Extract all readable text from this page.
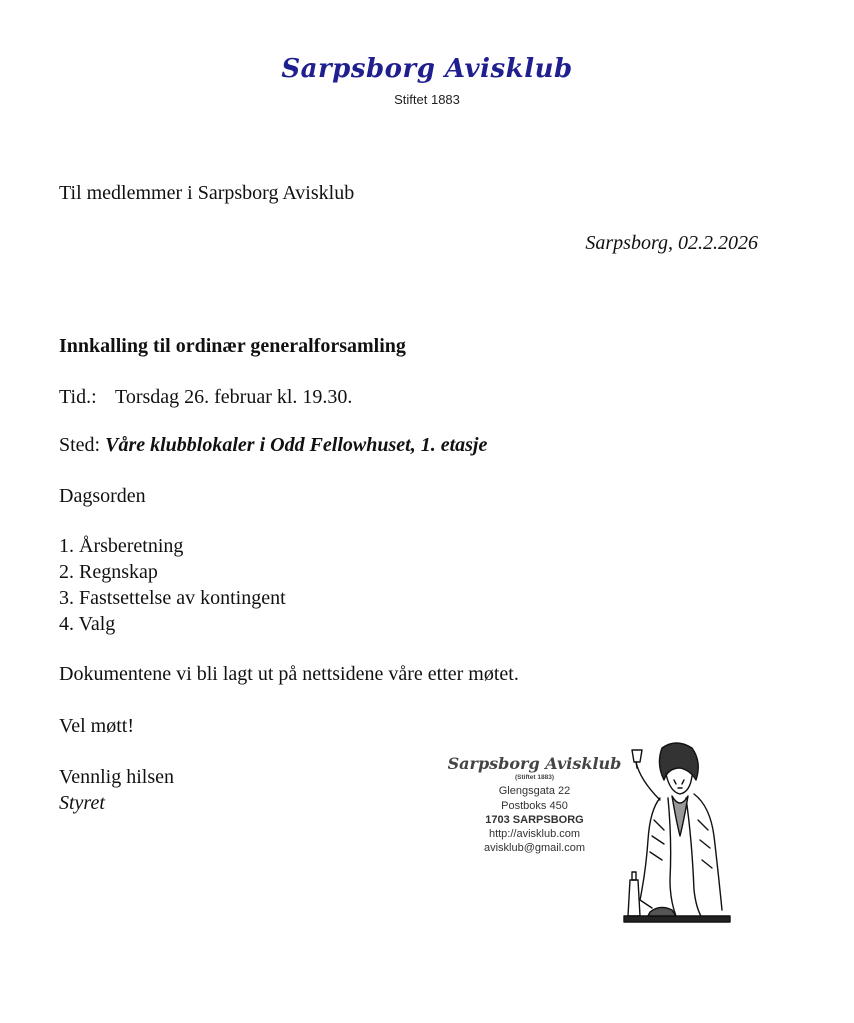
Sarpsborg Avisklub
Stiftet 1883
Til medlemmer i Sarpsborg Avisklub
Sarpsborg, 02.2.2026
Innkalling til ordinær generalforsamling
Tid.: Torsdag 26. februar kl. 19.30.
Sted: Våre klubblokaler i Odd Fellowhuset, 1. etasje
Dagsorden
1. Årsberetning
2. Regnskap
3. Fastsettelse av kontingent
4. Valg
Dokumentene vi bli lagt ut på nettsidene våre etter møtet.
Vel møtt!
Vennlig hilsen
Styret
Sarpsborg Avisklub
(Stiftet 1883)
Glengsgata 22
Postboks 450
1703 SARPSBORG
http://avisklub.com
avisklub@gmail.com
